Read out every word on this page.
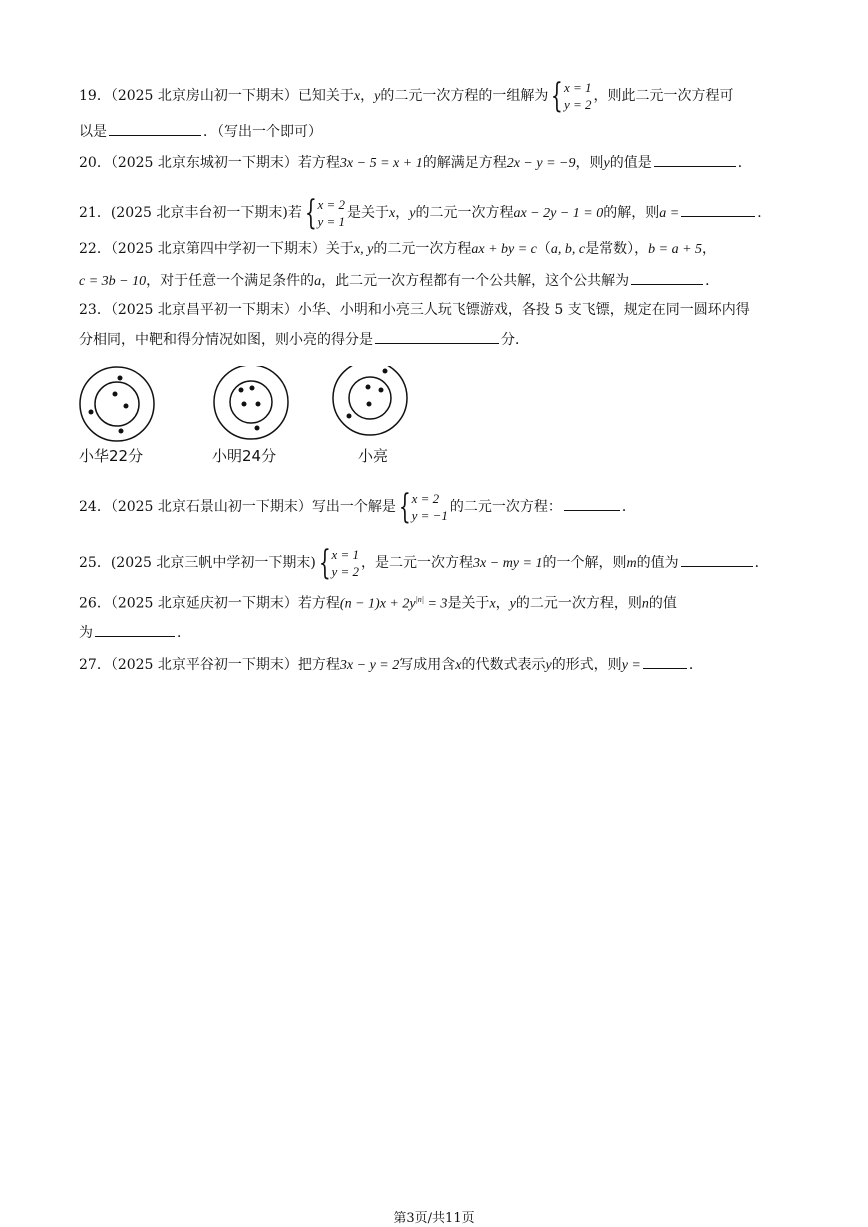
19．（2025 北京房山初一下期末）已知关于x，y的二元一次方程的一组解为 { x = 1
y = 2
，则此二元一次方程可
以是	．（写出一个即可）
20．（2025 北京东城初一下期末）若方程3x − 5 = x + 1的解满足方程2x − y = −9，则y的值是	．
21．(2025 北京丰台初一下期末)若 { x = 2
y = 1
是关于x，y的二元一次方程ax − 2y − 1 = 0的解，则a =	．
22．（2025 北京第四中学初一下期末）关于x, y的二元一次方程ax + by = c（a, b, c是常数），b = a + 5，
c = 3b − 10，对于任意一个满足条件的a，此二元一次方程都有一个公共解，这个公共解为	．
23．（2025 北京昌平初一下期末）小华、小明和小亮三人玩飞镖游戏，各投 5 支飞镖，规定在同一圆环内得
分相同，中靶和得分情况如图，则小亮的得分是	分．
小华22分	小明24分	小亮
24．（2025 北京石景山初一下期末）写出一个解是 { x = 2
y = −1
的二元一次方程：	．
25．(2025 北京三帆中学初一下期末) { x = 1
y = 2
，是二元一次方程3x − my = 1的一个解，则m的值为	．
26．（2025 北京延庆初一下期末）若方程$(n - 1)x + 2y^{|n|} = 3$是关于x，y的二元一次方程，则n的值
为	．
27．（2025 北京平谷初一下期末）把方程3x − y = 2写成用含x的代数式表示y的形式，则y =	．
第3页/共11页
